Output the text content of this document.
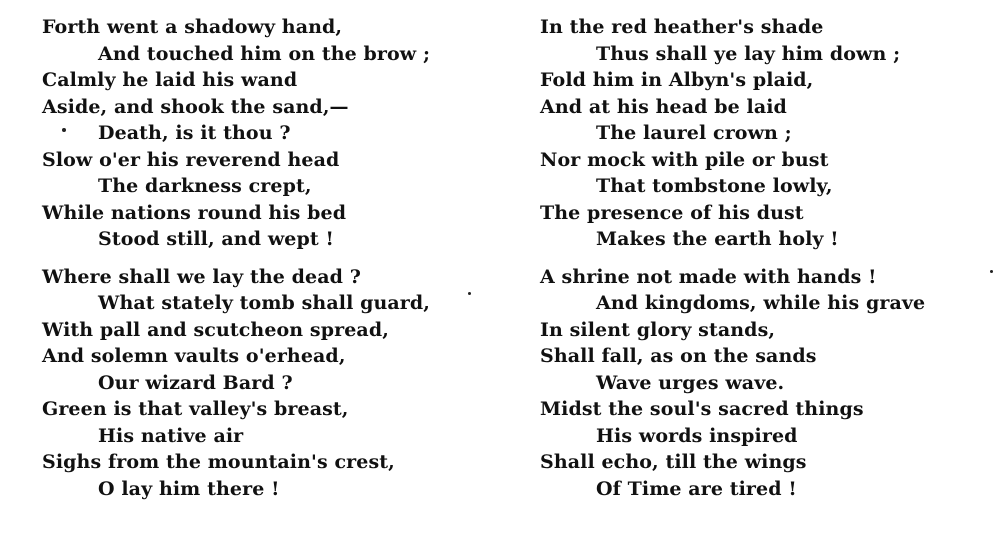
Forth went a shadowy hand,
And touched him on the brow ;
Calmly he laid his wand
Aside, and shook the sand,—
Death, is it thou ?
Slow o'er his reverend head
The darkness crept,
While nations round his bed
Stood still, and wept !
Where shall we lay the dead ?
What stately tomb shall guard,
With pall and scutcheon spread,
And solemn vaults o'erhead,
Our wizard Bard ?
Green is that valley's breast,
His native air
Sighs from the mountain's crest,
O lay him there !
In the red heather's shade
Thus shall ye lay him down ;
Fold him in Albyn's plaid,
And at his head be laid
The laurel crown ;
Nor mock with pile or bust
That tombstone lowly,
The presence of his dust
Makes the earth holy !
A shrine not made with hands !
And kingdoms, while his grave
In silent glory stands,
Shall fall, as on the sands
Wave urges wave.
Midst the soul's sacred things
His words inspired
Shall echo, till the wings
Of Time are tired !
